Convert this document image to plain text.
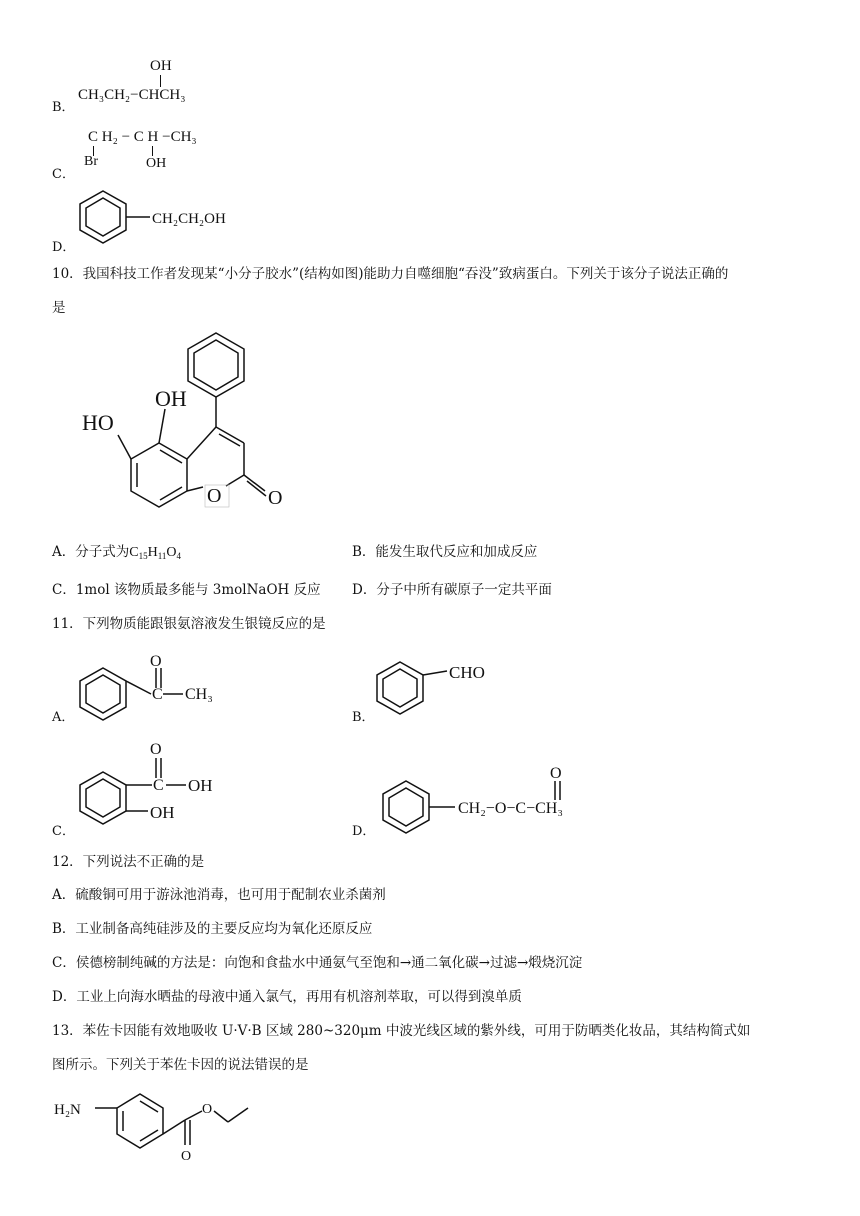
B．
OH
CH₃CH₂−CHCH₃
C．
C H₂ − C H −CH₃
Br	OH
D．
CH₂CH₂OH
10．我国科技工作者发现某“小分子胶水”(结构如图)能助力自噬细胞“吞没”致病蛋白。下列关于该分子说法正确的
是
OH
HO
O O
A．分子式为$C_{15}H_{11}O_4$	B．能发生取代反应和加成反应
C．1mol 该物质最多能与 3molNaOH 反应 D．分子中所有碳原子一定共平面
11．下列物质能跟银氨溶液发生银镜反应的是
A．
O
C CH₃
CHO
O
C OH
OH
O
CH₂−O−C−CH₃
B．
C．	D．
12．下列说法不正确的是
A．硫酸铜可用于游泳池消毒，也可用于配制农业杀菌剂
B．工业制备高纯硅涉及的主要反应均为氧化还原反应
C．侯德榜制纯碱的方法是：向饱和食盐水中通氨气至饱和→通二氧化碳→过滤→煅烧沉淀
D．工业上向海水晒盐的母液中通入氯气，再用有机溶剂萃取，可以得到溴单质
13．苯佐卡因能有效地吸收 U·V·B 区域 280~320μm 中波光线区域的紫外线，可用于防晒类化妆品，其结构简式如
图所示。下列关于苯佐卡因的说法错误的是
H₂N	O
O
